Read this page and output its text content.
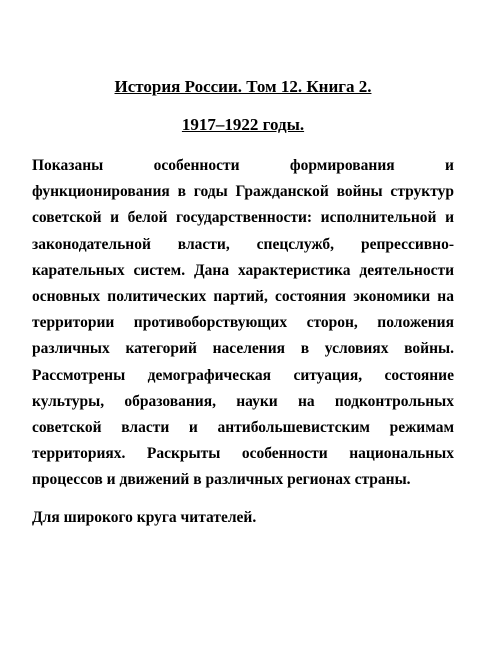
История России. Том 12. Книга 2.

1917–1922 годы.

Показаны особенности формирования и функционирования в годы Гражданской войны структур советской и белой государственности: исполнительной и законодательной власти, спецслужб, репрессивно-карательных систем. Дана характеристика деятельности основных политических партий, состояния экономики на территории противоборствующих сторон, положения различных категорий населения в условиях войны. Рассмотрены демографическая ситуация, состояние культуры, образования, науки на подконтрольных советской власти и антибольшевистским режимам территориях. Раскрыты особенности национальных процессов и движений в различных регионах страны.

Для широкого круга читателей.
